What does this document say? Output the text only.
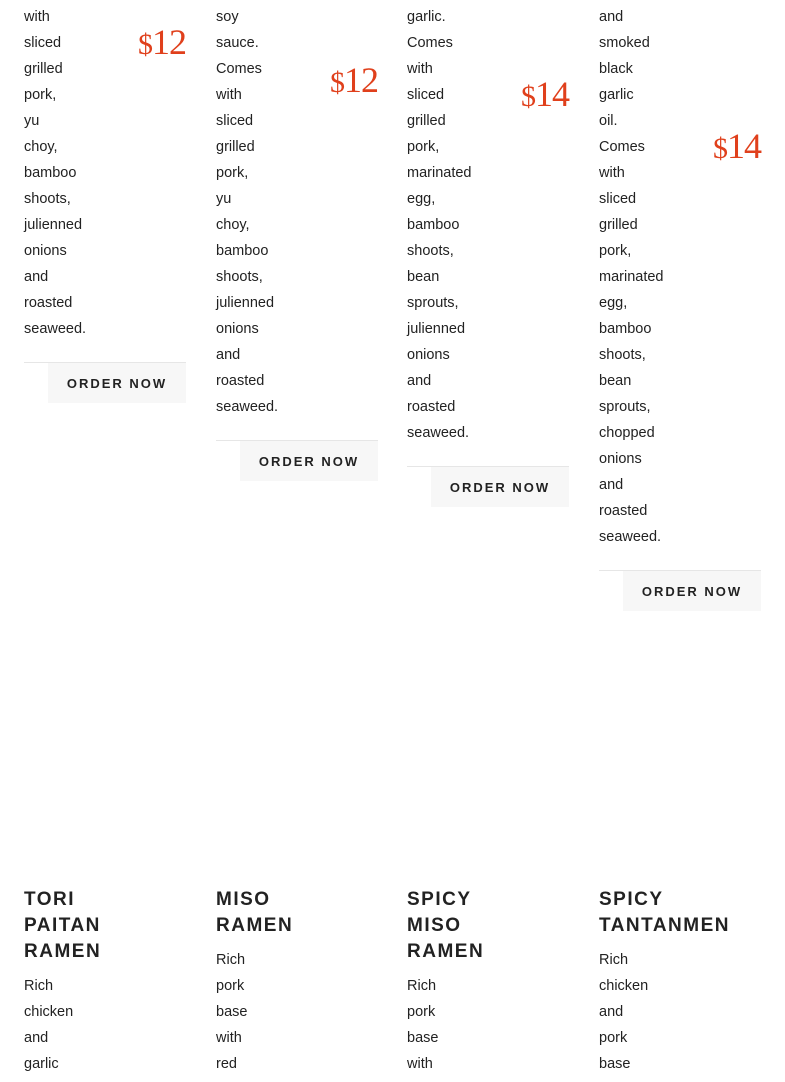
$12
with sliced grilled pork, yu choy, bamboo shoots, julienned onions and roasted seaweed.
ORDER NOW
TORI PAITAN RAMEN
Rich chicken and garlic
$12
soy sauce. Comes with sliced grilled pork, yu choy, bamboo shoots, julienned onions and roasted seaweed.
ORDER NOW
MISO RAMEN
Rich pork base with red
$14
garlic. Comes with sliced grilled pork, marinated egg, bamboo shoots, bean sprouts, julienned onions and roasted seaweed.
ORDER NOW
SPICY MISO RAMEN
Rich pork base with
$14
and smoked black garlic oil. Comes with sliced grilled pork, marinated egg, bamboo shoots, bean sprouts, chopped onions and roasted seaweed.
ORDER NOW
SPICY TANTANMEN
Rich chicken and pork base
